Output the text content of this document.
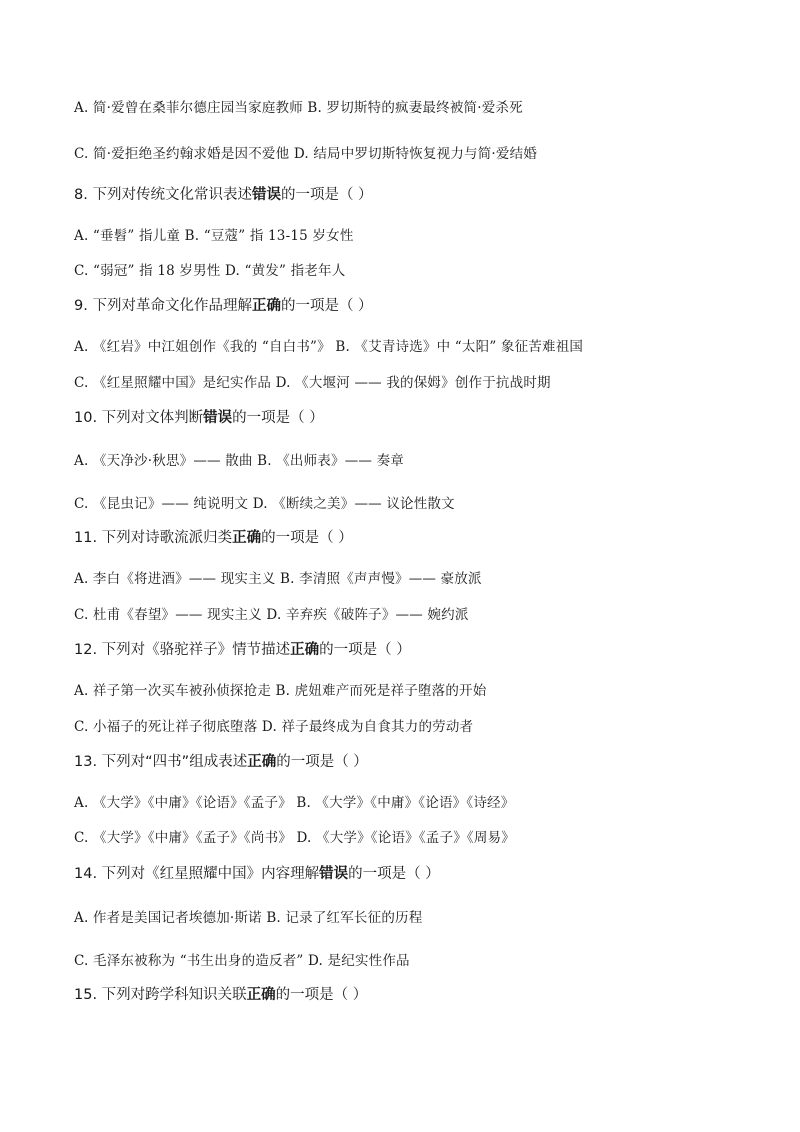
A. 简·爱曾在桑菲尔德庄园当家庭教师 B. 罗切斯特的疯妻最终被简·爱杀死
C. 简·爱拒绝圣约翰求婚是因不爱他 D. 结局中罗切斯特恢复视力与简·爱结婚
8. 下列对传统文化常识表述错误的一项是（ ）
A. “垂髫” 指儿童 B. “豆蔻” 指 13-15 岁女性
C. “弱冠” 指 18 岁男性 D. “黄发” 指老年人
9. 下列对革命文化作品理解正确的一项是（ ）
A. 《红岩》中江姐创作《我的 “自白书”》 B. 《艾青诗选》中 “太阳” 象征苦难祖国
C. 《红星照耀中国》是纪实作品 D. 《大堰河 —— 我的保姆》创作于抗战时期
10. 下列对文体判断错误的一项是（ ）
A. 《天净沙·秋思》—— 散曲 B. 《出师表》—— 奏章
C. 《昆虫记》—— 纯说明文 D. 《断续之美》—— 议论性散文
11. 下列对诗歌流派归类正确的一项是（ ）
A. 李白《将进酒》—— 现实主义 B. 李清照《声声慢》—— 豪放派
C. 杜甫《春望》—— 现实主义 D. 辛弃疾《破阵子》—— 婉约派
12. 下列对《骆驼祥子》情节描述正确的一项是（ ）
A. 祥子第一次买车被孙侦探抢走 B. 虎妞难产而死是祥子堕落的开始
C. 小福子的死让祥子彻底堕落 D. 祥子最终成为自食其力的劳动者
13. 下列对“四书”组成表述正确的一项是（ ）
A. 《大学》《中庸》《论语》《孟子》 B. 《大学》《中庸》《论语》《诗经》
C. 《大学》《中庸》《孟子》《尚书》 D. 《大学》《论语》《孟子》《周易》
14. 下列对《红星照耀中国》内容理解错误的一项是（ ）
A. 作者是美国记者埃德加·斯诺 B. 记录了红军长征的历程
C. 毛泽东被称为 “书生出身的造反者” D. 是纪实性作品
15. 下列对跨学科知识关联正确的一项是（ ）
